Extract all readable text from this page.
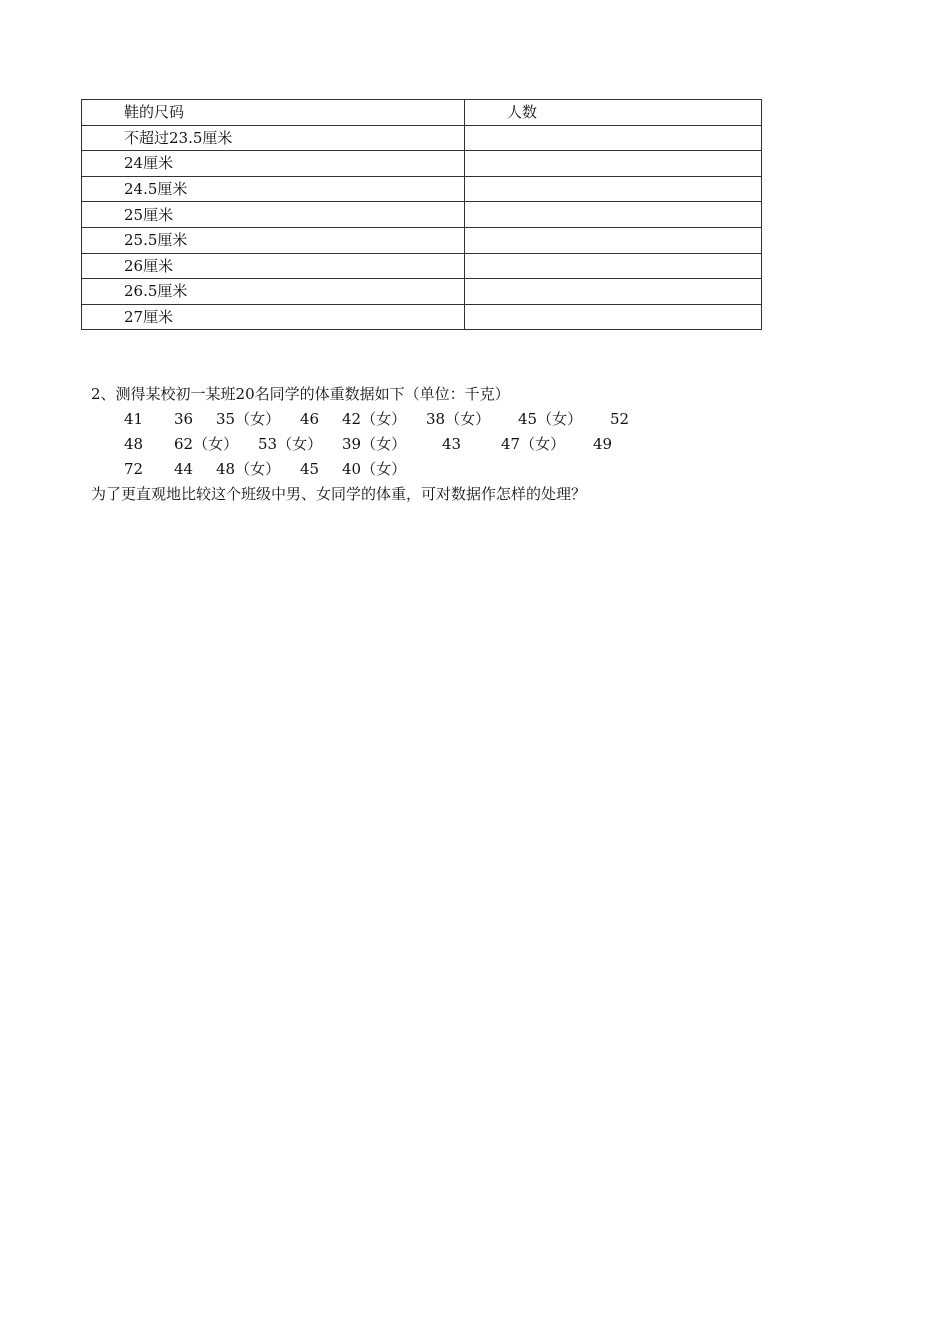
鞋的尺码	人数
不超过23.5厘米	
24厘米	
24.5厘米	
25厘米	
25.5厘米	
26厘米	
26.5厘米	
27厘米	
2、测得某校初一某班20名同学的体重数据如下（单位：千克）
41 36 35（女） 46 42（女） 38（女） 45（女） 52
48 62（女） 53（女） 39（女） 43	47（女） 49
72 44 48（女） 45 40（女）
为了更直观地比较这个班级中男、女同学的体重，可对数据作怎样的处理？
